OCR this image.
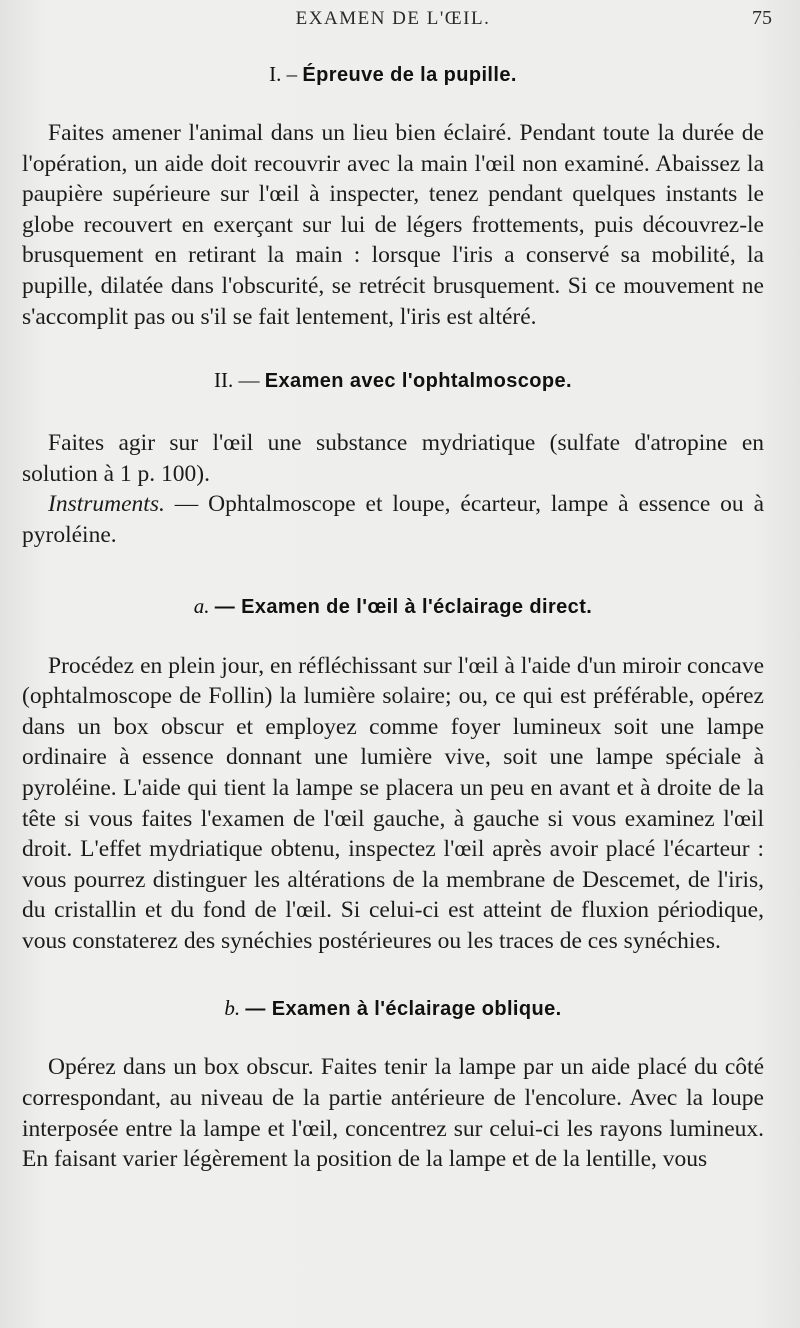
EXAMEN DE L'ŒIL.	75
I. – Épreuve de la pupille.

Faites amener l'animal dans un lieu bien éclairé. Pendant toute la durée de l'opération, un aide doit recouvrir avec la main l'œil non examiné. Abaissez la paupière supérieure sur l'œil à inspecter, tenez pendant quelques instants le globe recouvert en exerçant sur lui de légers frottements, puis découvrez-le brusquement en retirant la main : lorsque l'iris a conservé sa mobilité, la pupille, dilatée dans l'obscurité, se retrécit brusquement. Si ce mouvement ne s'accomplit pas ou s'il se fait lentement, l'iris est altéré.

II. — Examen avec l'ophtalmoscope.

Faites agir sur l'œil une substance mydriatique (sulfate d'atropine en solution à 1 p. 100).

Instruments. — Ophtalmoscope et loupe, écarteur, lampe à essence ou à pyroléine.

a. — Examen de l'œil à l'éclairage direct.

Procédez en plein jour, en réfléchissant sur l'œil à l'aide d'un miroir concave (ophtalmoscope de Follin) la lumière solaire; ou, ce qui est préférable, opérez dans un box obscur et employez comme foyer lumineux soit une lampe ordinaire à essence donnant une lumière vive, soit une lampe spéciale à pyroléine. L'aide qui tient la lampe se placera un peu en avant et à droite de la tête si vous faites l'examen de l'œil gauche, à gauche si vous examinez l'œil droit. L'effet mydriatique obtenu, inspectez l'œil après avoir placé l'écarteur : vous pourrez distinguer les altérations de la membrane de Descemet, de l'iris, du cristallin et du fond de l'œil. Si celui-ci est atteint de fluxion périodique, vous constaterez des synéchies postérieures ou les traces de ces synéchies.

b. — Examen à l'éclairage oblique.

Opérez dans un box obscur. Faites tenir la lampe par un aide placé du côté correspondant, au niveau de la partie antérieure de l'encolure. Avec la loupe interposée entre la lampe et l'œil, concentrez sur celui-ci les rayons lumineux. En faisant varier légèrement la position de la lampe et de la lentille, vous
